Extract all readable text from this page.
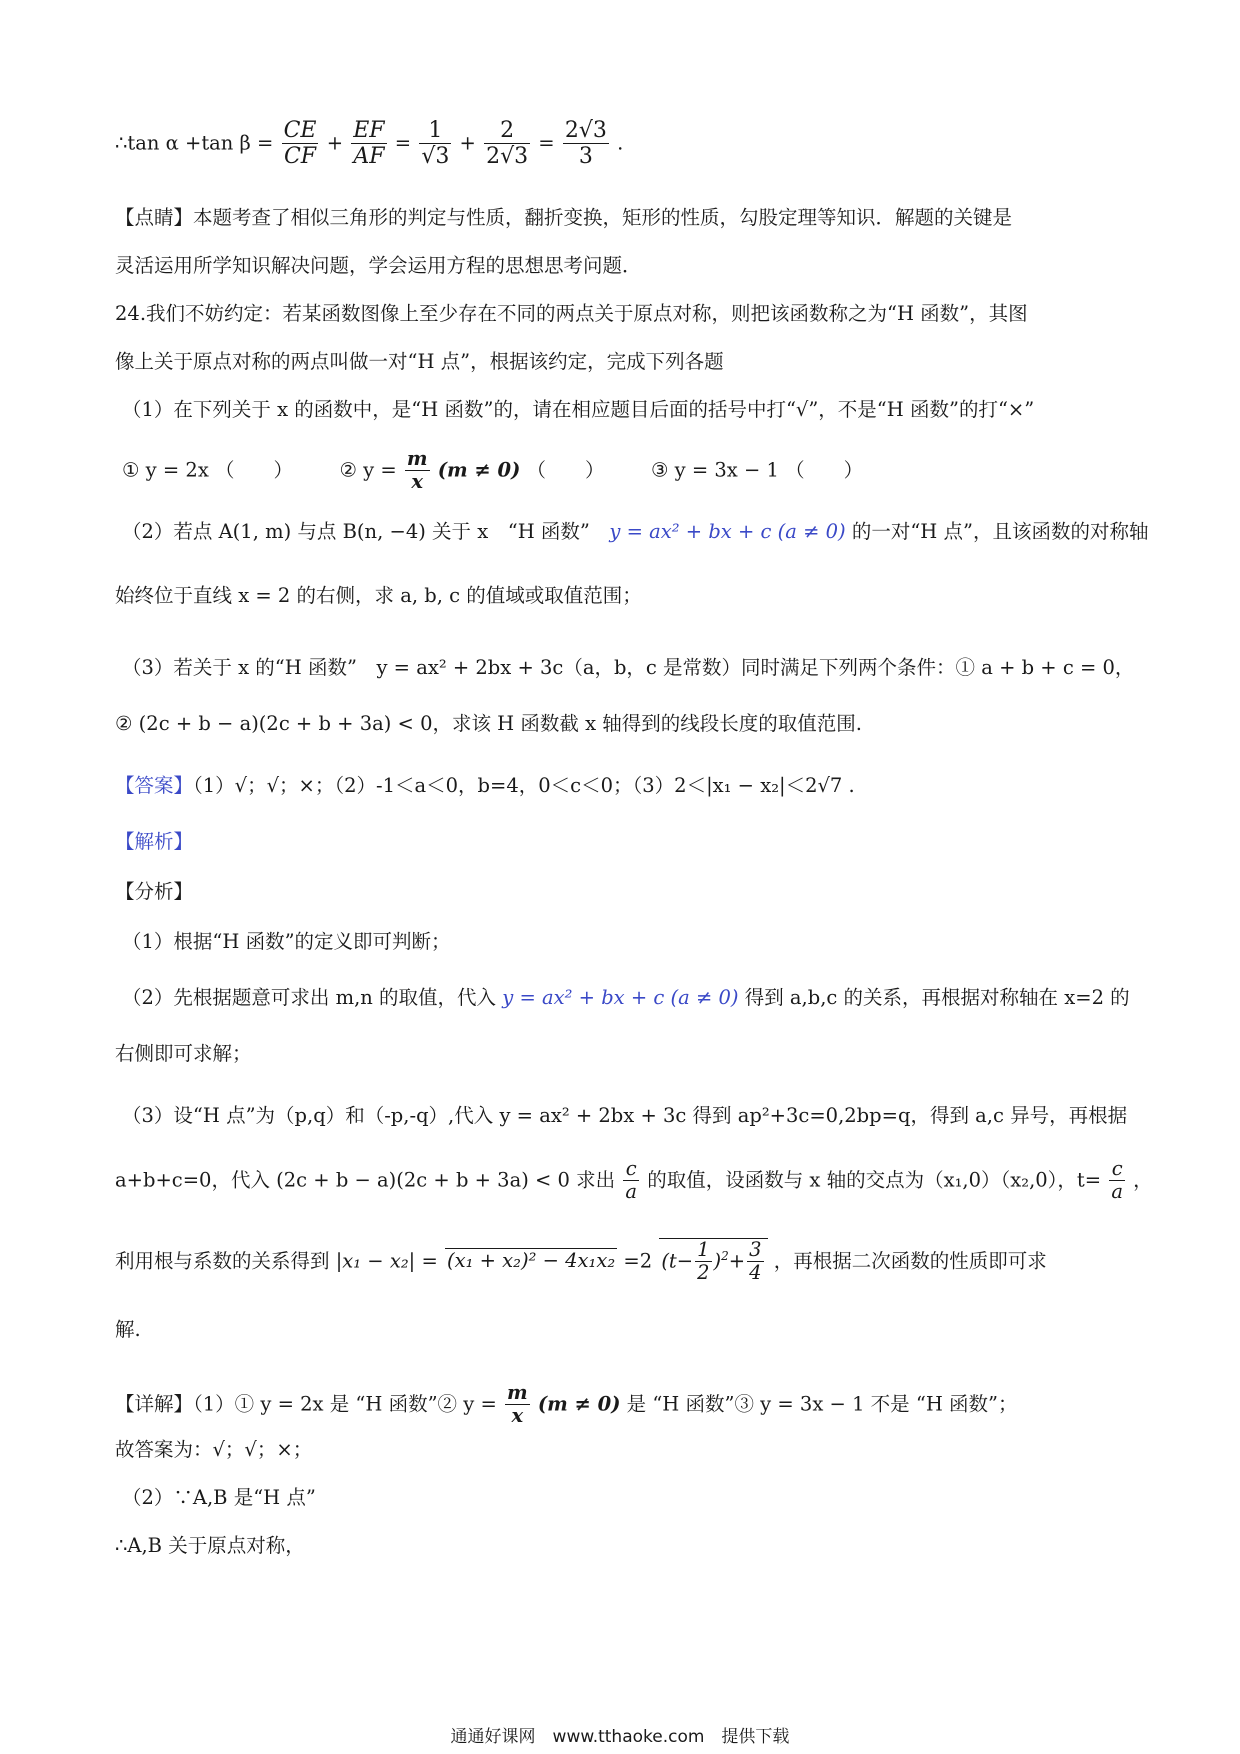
∴tan α +tan $\beta = \frac{CE}{CF} + \frac{EF}{AF} = \frac{1}{√3} + \frac{2}{2√3} = \frac{2√3}{3}$ .
【点睛】本题考查了相似三角形的判定与性质，翻折变换，矩形的性质，勾股定理等知识．解题的关键是
灵活运用所学知识解决问题，学会运用方程的思想思考问题．
24.我们不妨约定：若某函数图像上至少存在不同的两点关于原点对称，则把该函数称之为“H 函数”，其图
像上关于原点对称的两点叫做一对“H 点”，根据该约定，完成下列各题
（1）在下列关于 x 的函数中，是“H 函数”的，请在相应题目后面的括号中打“√”，不是“H 函数”的打“×”
① y = 2x （　　） ② $y = \frac{m}{x} (m \ne 0)$ （　　） ③ y = 3x − 1 （　　）
（2）若点 A(1, m) 与点 B(n, −4) 关于 x　“H 函数”　y = ax² + bx + c (a ≠ 0) 的一对“H 点”，且该函数的对称轴
始终位于直线 x = 2 的右侧，求 a, b, c 的值域或取值范围；
（3）若关于 x 的“H 函数”　y = ax² + 2bx + 3c（a，b，c 是常数）同时满足下列两个条件：① a + b + c = 0，
② (2c + b − a)(2c + b + 3a) < 0，求该 H 函数截 x 轴得到的线段长度的取值范围.
【答案】（1）√；√；×；（2）-1＜a＜0，b=4，0＜c＜0；（3）2＜|x₁ − x₂|＜2√7 .
【解析】
【分析】
（1）根据“H 函数”的定义即可判断；
（2）先根据题意可求出 m,n 的取值，代入 y = ax² + bx + c (a ≠ 0) 得到 a,b,c 的关系，再根据对称轴在 x=2 的
右侧即可求解；
（3）设“H 点”为（p,q）和（-p,-q）,代入 y = ax² + 2bx + 3c 得到 ap²+3c=0,2bp=q，得到 a,c 异号，再根据
a+b+c=0，代入 (2c + b − a)(2c + b + 3a) < 0 求出 $\frac{c}{a}$ 的取值，设函数与 x 轴的交点为（x₁,0）（x₂,0），$t= \frac{c}{a}$ ，
利用根与系数的关系得到 |x₁ − x₂| = (x₁ + x₂)² − 4x₁x₂ =2 $(t- \frac{1}{2} )^2+ \frac{3}{4}$ ，再根据二次函数的性质即可求
解.
【详解】（1）① y = 2x 是 “H 函数”② $y = \frac{m}{x} (m \ne 0)$ 是 “H 函数”③ y = 3x − 1 不是 “H 函数”；
故答案为：√；√；×；
（2）∵A,B 是“H 点”
∴A,B 关于原点对称，
通通好课网　www.tthaoke.com　提供下载
